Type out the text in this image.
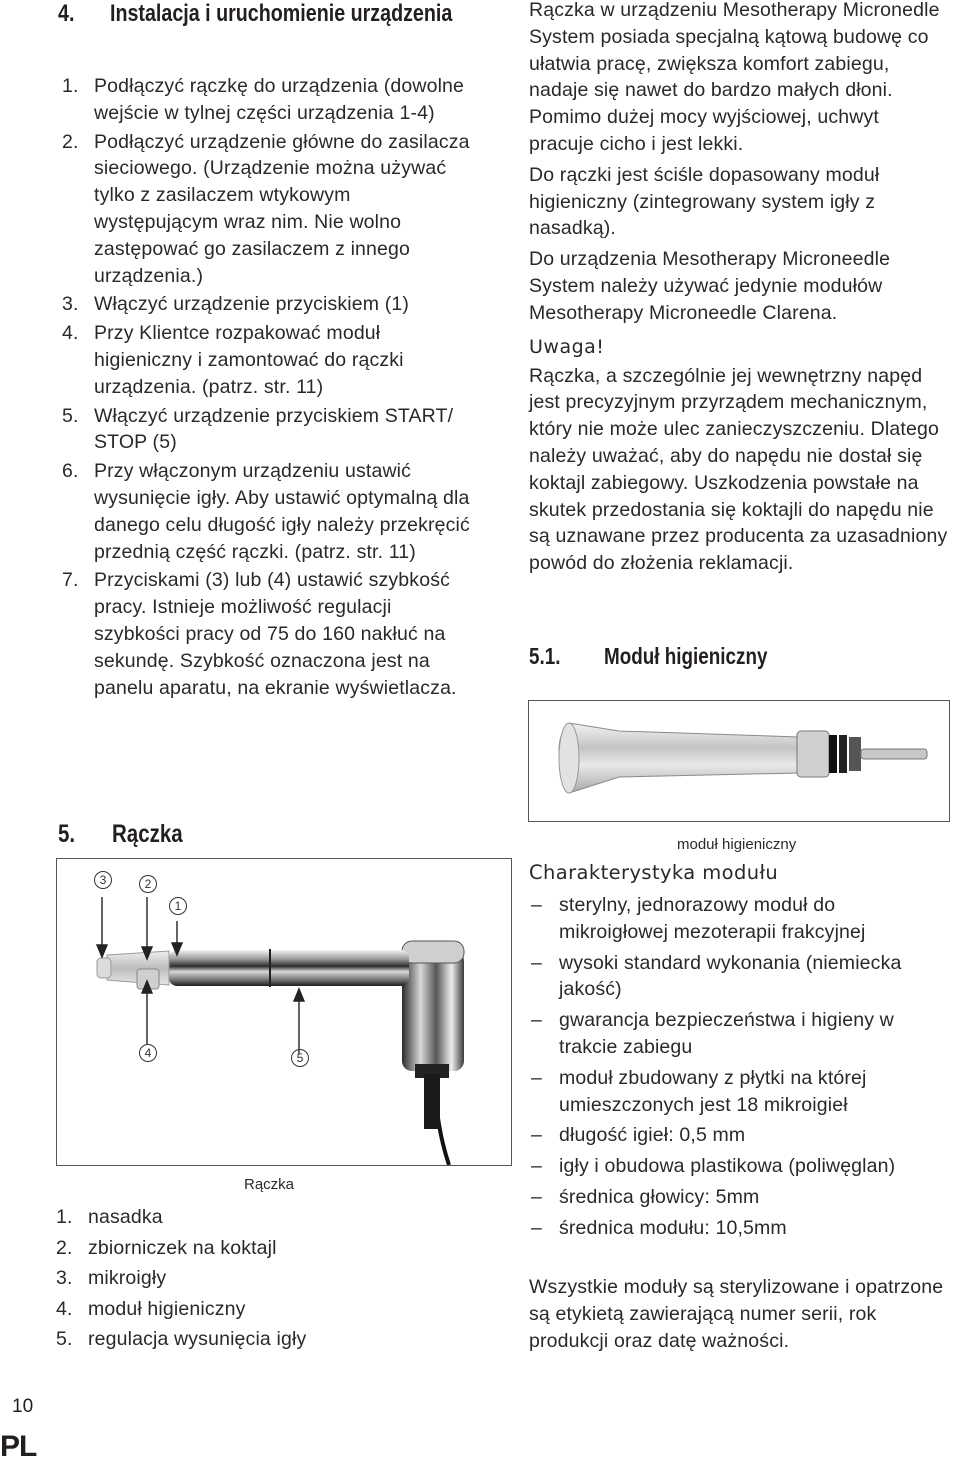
4. Instalacja i uruchomienie urządzenia
1. Podłączyć rączkę do urządzenia (dowolne wejście w tylnej części urządzenia 1-4)
2. Podłączyć urządzenie główne do zasilacza sieciowego. (Urządzenie można używać tylko z zasilaczem wtykowym występującym wraz nim. Nie wolno zastępować go zasilaczem z innego urządzenia.)
3. Włączyć urządzenie przyciskiem (1)
4. Przy Klientce rozpakować moduł higieniczny i zamontować do rączki urządzenia. (patrz. str. 11)
5. Włączyć urządzenie przyciskiem START/ STOP (5)
6. Przy włączonym urządzeniu ustawić wysunięcie igły. Aby ustawić optymalną dla danego celu długość igły należy przekręcić przednią część rączki. (patrz. str. 11)
7. Przyciskami (3) lub (4) ustawić szybkość pracy. Istnieje możliwość regulacji szybkości pracy od 75 do 160 nakłuć na sekundę. Szybkość oznaczona jest na panelu aparatu, na ekranie wyświetlacza.
5. Rączka
3	2
1
4	5
Rączka
1. nasadka
2. zbiorniczek na koktajl
3. mikroigły
4. moduł higieniczny
5. regulacja wysunięcia igły

Rączka w urządzeniu Mesotherapy Micronedle System posiada specjalną kątową budowę co ułatwia pracę, zwiększa komfort zabiegu, nadaje się nawet do bardzo małych dłoni. Pomimo dużej mocy wyjściowej, uchwyt pracuje cicho i jest lekki.

Do rączki jest ściśle dopasowany moduł higieniczny (zintegrowany system igły z nasadką).

Do urządzenia Mesotherapy Microneedle System należy używać jedynie modułów Mesotherapy Microneedle Clarena.

Uwaga!

Rączka, a szczególnie jej wewnętrzny napęd jest precyzyjnym przyrządem mechanicznym, który nie może ulec zanieczyszczeniu. Dlatego należy uważać, aby do napędu nie dostał się koktajl zabiegowy. Uszkodzenia powstałe na skutek przedostania się koktajli do napędu nie są uznawane przez producenta za uzasadniony powód do złożenia reklamacji.

5.1. Moduł higieniczny
moduł higieniczny
Charakterystyka modułu
– sterylny, jednorazowy moduł do mikroigłowej mezoterapii frakcyjnej
– wysoki standard wykonania (niemiecka jakość)
– gwarancja bezpieczeństwa i higieny w trakcie zabiegu
– moduł zbudowany z płytki na której umieszczonych jest 18 mikroigieł
– długość igieł: 0,5 mm
– igły i obudowa plastikowa (poliwęglan)
– średnica głowicy: 5mm
– średnica modułu: 10,5mm
Wszystkie moduły są sterylizowane i opatrzone są etykietą zawierającą numer serii, rok produkcji oraz datę ważności.
10
PL
